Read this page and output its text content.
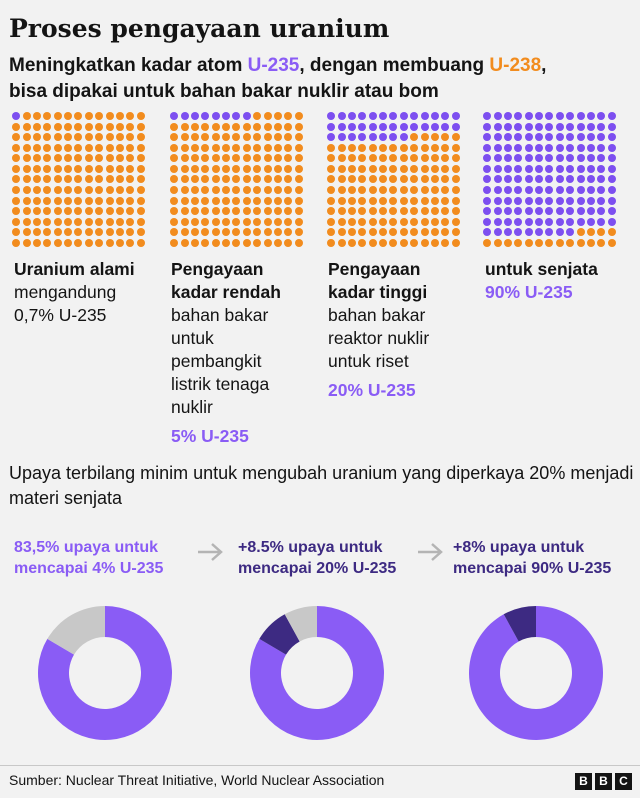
Proses pengayaan uranium
Meningkatkan kadar atom U-235, dengan membuang U-238,
bisa dipakai untuk bahan bakar nuklir atau bom
Uranium alami
mengandung 0,7% U-235
Pengayaan kadar rendah
bahan bakar untuk pembangkit listrik tenaga nuklir
5% U-235
Pengayaan kadar tinggi
bahan bakar reaktor nuklir untuk riset
20% U-235
untuk senjata
90% U-235
Upaya terbilang minim untuk mengubah uranium yang diperkaya 20% menjadi materi senjata
83,5% upaya untuk
mencapai 4% U-235
+8.5% upaya untuk
mencapai 20% U-235
+8% upaya untuk
mencapai 90% U-235
Sumber: Nuclear Threat Initiative, World Nuclear Association	B B C
